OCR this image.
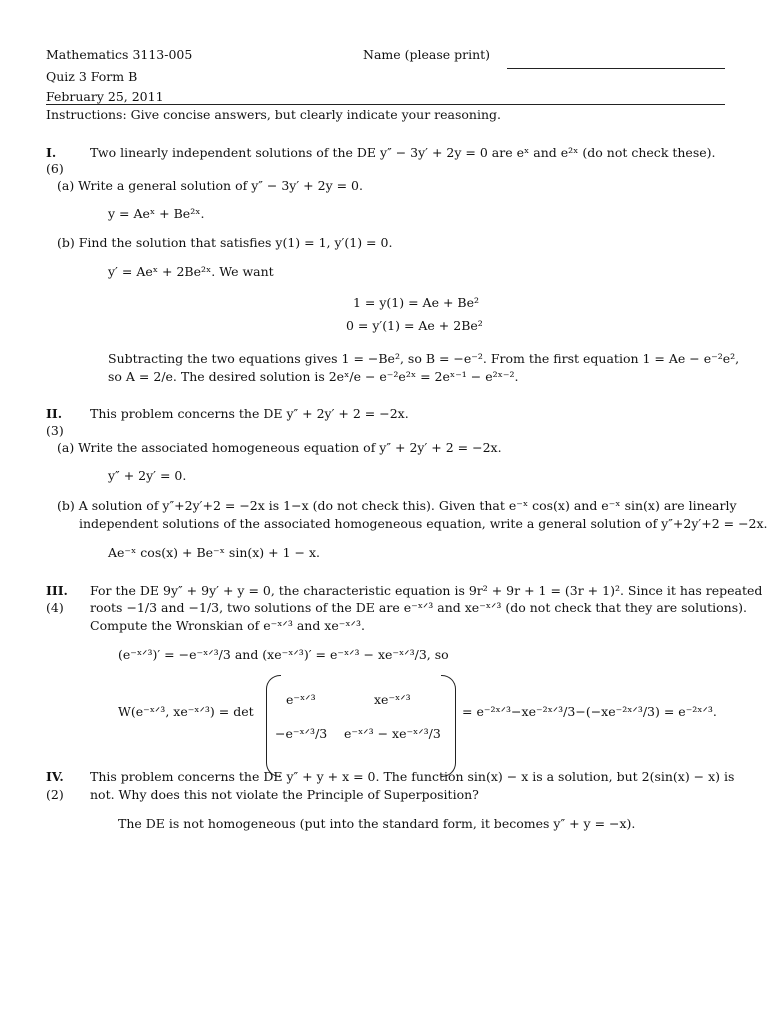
Mathematics 3113-005	Name (please print)
Quiz 3 Form B
February 25, 2011
Instructions: Give concise answers, but clearly indicate your reasoning.
I.
(6)
Two linearly independent solutions of the DE y″ − 3y′ + 2y = 0 are eˣ and e²ˣ (do not check these).
(a) Write a general solution of y″ − 3y′ + 2y = 0.
y = Aeˣ + Be²ˣ.
(b) Find the solution that satisfies y(1) = 1, y′(1) = 0.
y′ = Aeˣ + 2Be²ˣ. We want
1 = y(1) = Ae + Be²
0 = y′(1) = Ae + 2Be²
Subtracting the two equations gives 1 = −Be², so B = −e⁻². From the first equation 1 = Ae − e⁻²e²,
so A = 2/e. The desired solution is 2eˣ/e − e⁻²e²ˣ = 2eˣ⁻¹ − e²ˣ⁻².
II.
(3)
This problem concerns the DE y″ + 2y′ + 2 = −2x.
(a) Write the associated homogeneous equation of y″ + 2y′ + 2 = −2x.
y″ + 2y′ = 0.
(b) A solution of y″+2y′+2 = −2x is 1−x (do not check this). Given that e⁻ˣ cos(x) and e⁻ˣ sin(x) are linearly
independent solutions of the associated homogeneous equation, write a general solution of y″+2y′+2 = −2x.
Ae⁻ˣ cos(x) + Be⁻ˣ sin(x) + 1 − x.
III.
(4)
For the DE 9y″ + 9y′ + y = 0, the characteristic equation is 9r² + 9r + 1 = (3r + 1)². Since it has repeated
roots −1/3 and −1/3, two solutions of the DE are e⁻ˣᐟ³ and xe⁻ˣᐟ³ (do not check that they are solutions).
Compute the Wronskian of e⁻ˣᐟ³ and xe⁻ˣᐟ³.
(e⁻ˣᐟ³)′ = −e⁻ˣᐟ³/3 and (xe⁻ˣᐟ³)′ = e⁻ˣᐟ³ − xe⁻ˣᐟ³/3, so
W(e⁻ˣᐟ³, xe⁻ˣᐟ³) = det
e⁻ˣᐟ³	xe⁻ˣᐟ³
−e⁻ˣᐟ³/3 e⁻ˣᐟ³ − xe⁻ˣᐟ³/3
= e⁻²ˣᐟ³−xe⁻²ˣᐟ³/3−(−xe⁻²ˣᐟ³/3) = e⁻²ˣᐟ³.
IV.
(2)
This problem concerns the DE y″ + y + x = 0. The function sin(x) − x is a solution, but 2(sin(x) − x) is
not. Why does this not violate the Principle of Superposition?
The DE is not homogeneous (put into the standard form, it becomes y″ + y = −x).
